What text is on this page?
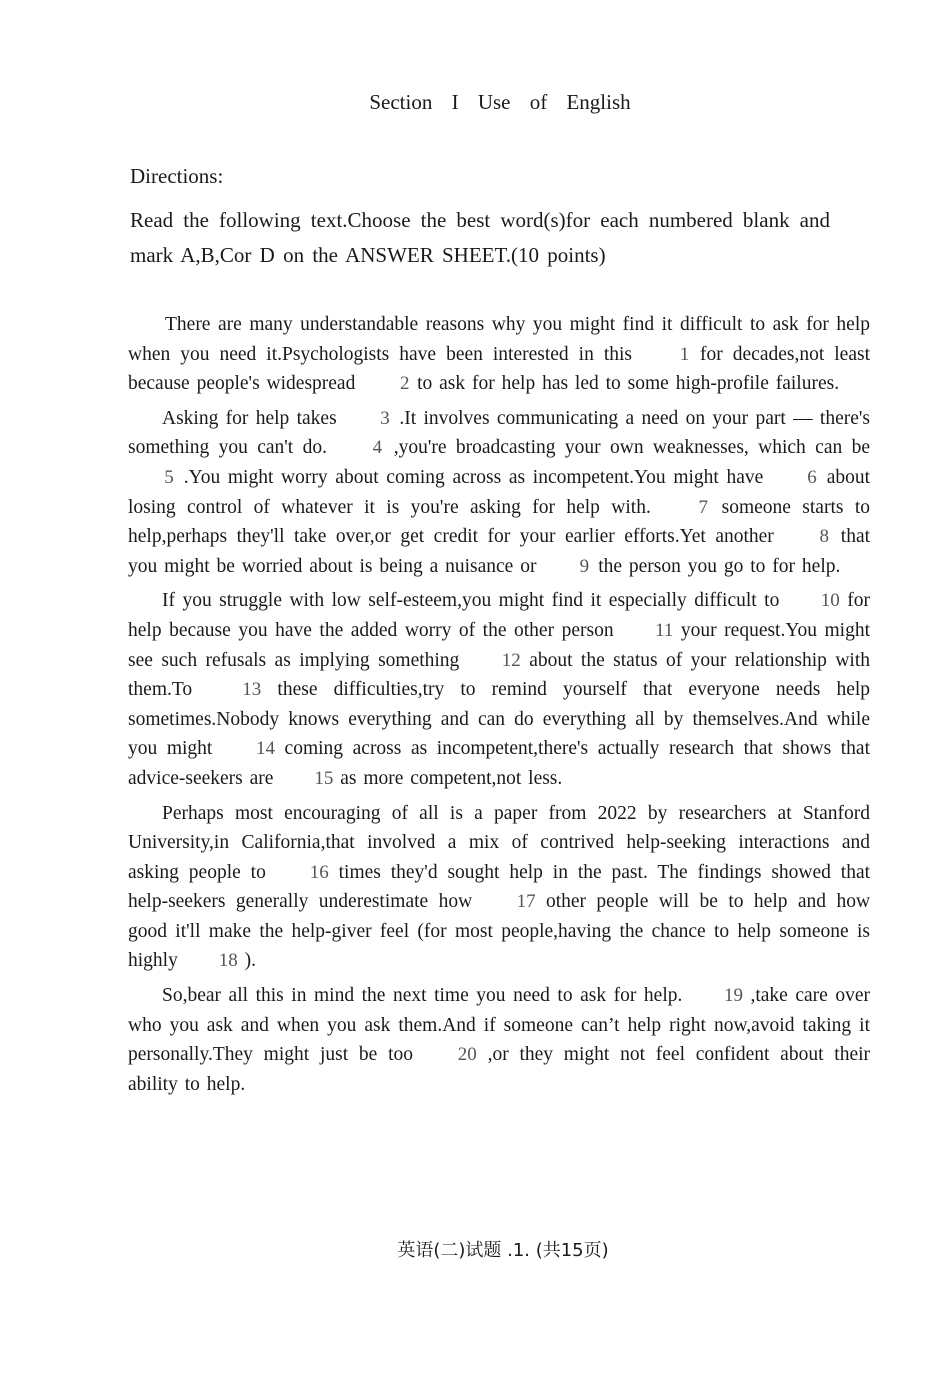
Section I Use of English
Directions:
Read the following text.Choose the best word(s)for each numbered blank and mark A,B,Cor D on the ANSWER SHEET.(10 points)

There are many understandable reasons why you might find it difficult to ask for help when you need it.Psychologists have been interested in this	1 for decades,not least because people's widespread 2 to ask for help has led to some high-profile failures.

Asking for help takes 3 .It involves communicating a need on your part — there's something you can't do. 4 ,you're broadcasting your own weaknesses, which can be 5 .You might worry about coming across as incompetent.You might have 6 about losing control of whatever it is you're asking for help with.	7 someone starts to help,perhaps they'll take over,or get credit for your earlier efforts.Yet another 8 that you might be worried about is being a nuisance or 9 the person you go to for help.

If you struggle with low self-esteem,you might find it especially difficult to 10 for help because you have the added worry of the other person 11 your request.You might see such refusals as implying something 12 about the status of your relationship with them.To	13 these difficulties,try to remind yourself that everyone needs help sometimes.Nobody knows everything and can do everything all by themselves.And while you might 14 coming across as incompetent,there's actually research that shows that advice-seekers are 15 as more competent,not less.

Perhaps most encouraging of all is a paper from 2022 by researchers at Stanford University,in California,that involved a mix of contrived help-seeking interactions and asking people to 16 times they'd sought help in the past. The findings showed that help-seekers generally underestimate how 17 other people will be to help and how good it'll make the help-giver feel (for most people,having the chance to help someone is highly 18 ).

So,bear all this in mind the next time you need to ask for help. 19 ,take care over who you ask and when you ask them.And if someone can’t help right now,avoid taking it personally.They might just be too 20 ,or they might not feel confident about their ability to help.

英语(二)试题 .1. (共15页)
